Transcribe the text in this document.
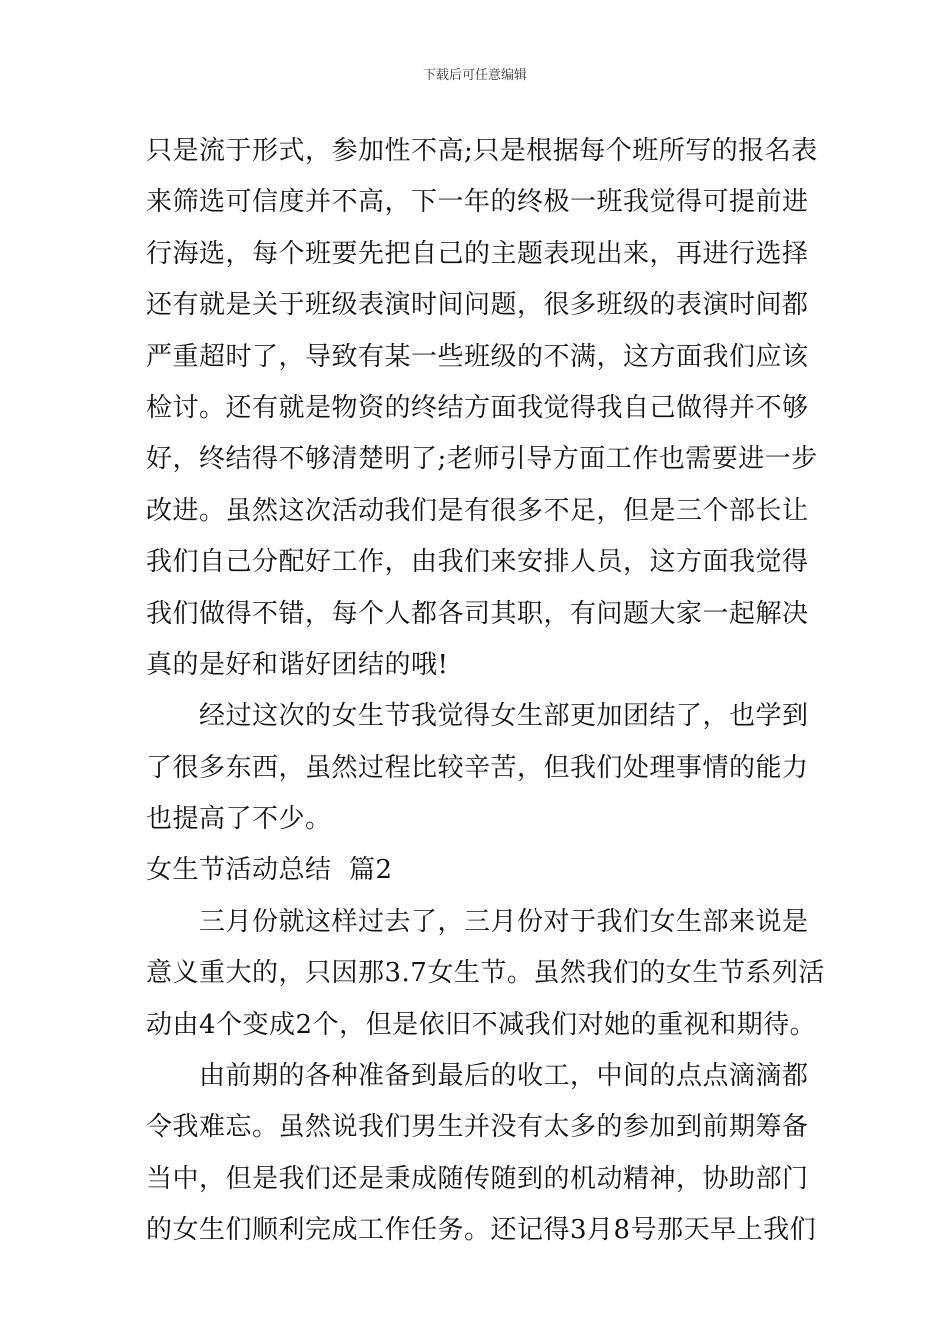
下载后可任意编辑
只是流于形式，参加性不高;只是根据每个班所写的报名表
来筛选可信度并不高，下一年的终极一班我觉得可提前进
行海选，每个班要先把自己的主题表现出来，再进行选择
还有就是关于班级表演时间问题，很多班级的表演时间都
严重超时了，导致有某一些班级的不满，这方面我们应该
检讨。还有就是物资的终结方面我觉得我自己做得并不够
好，终结得不够清楚明了;老师引导方面工作也需要进一步
改进。虽然这次活动我们是有很多不足，但是三个部长让
我们自己分配好工作，由我们来安排人员，这方面我觉得
我们做得不错，每个人都各司其职，有问题大家一起解决
真的是好和谐好团结的哦!
经过这次的女生节我觉得女生部更加团结了，也学到
了很多东西，虽然过程比较辛苦，但我们处理事情的能力
也提高了不少。
女生节活动总结  篇2
三月份就这样过去了，三月份对于我们女生部来说是
意义重大的，只因那3.7女生节。虽然我们的女生节系列活
动由4个变成2个，但是依旧不减我们对她的重视和期待。
由前期的各种准备到最后的收工，中间的点点滴滴都
令我难忘。虽然说我们男生并没有太多的参加到前期筹备
当中，但是我们还是秉成随传随到的机动精神，协助部门
的女生们顺利完成工作任务。还记得3月8号那天早上我们
